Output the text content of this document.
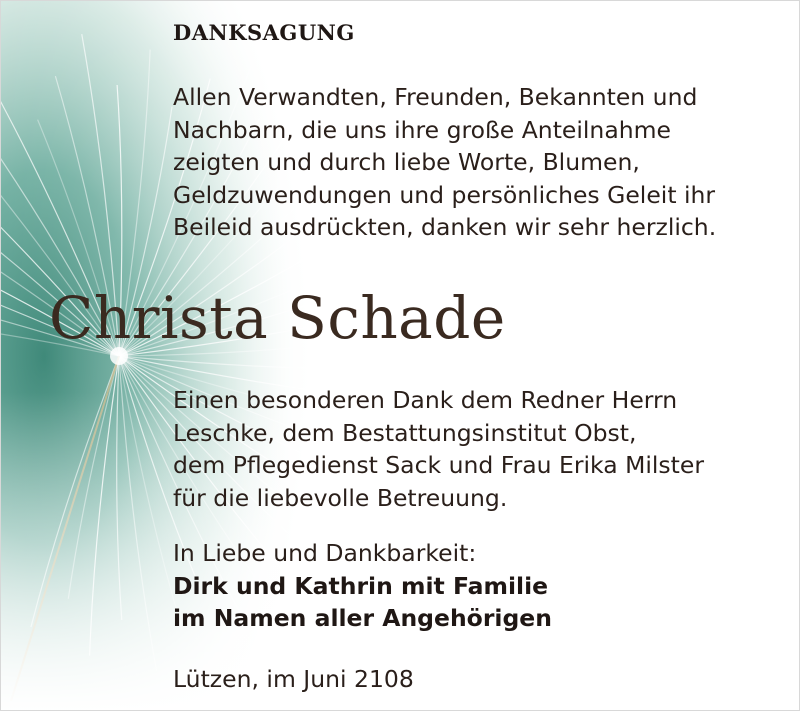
DANKSAGUNG
Allen Verwandten, Freunden, Bekannten und
Nachbarn, die uns ihre große Anteilnahme
zeigten und durch liebe Worte, Blumen,
Geldzuwendungen und persönliches Geleit ihr
Beileid ausdrückten, danken wir sehr herzlich.
Christa Schade
Einen besonderen Dank dem Redner Herrn
Leschke, dem Bestattungsinstitut Obst,
dem Pflegedienst Sack und Frau Erika Milster
für die liebevolle Betreuung.
In Liebe und Dankbarkeit:
Dirk und Kathrin mit Familie
im Namen aller Angehörigen
Lützen, im Juni 2108
